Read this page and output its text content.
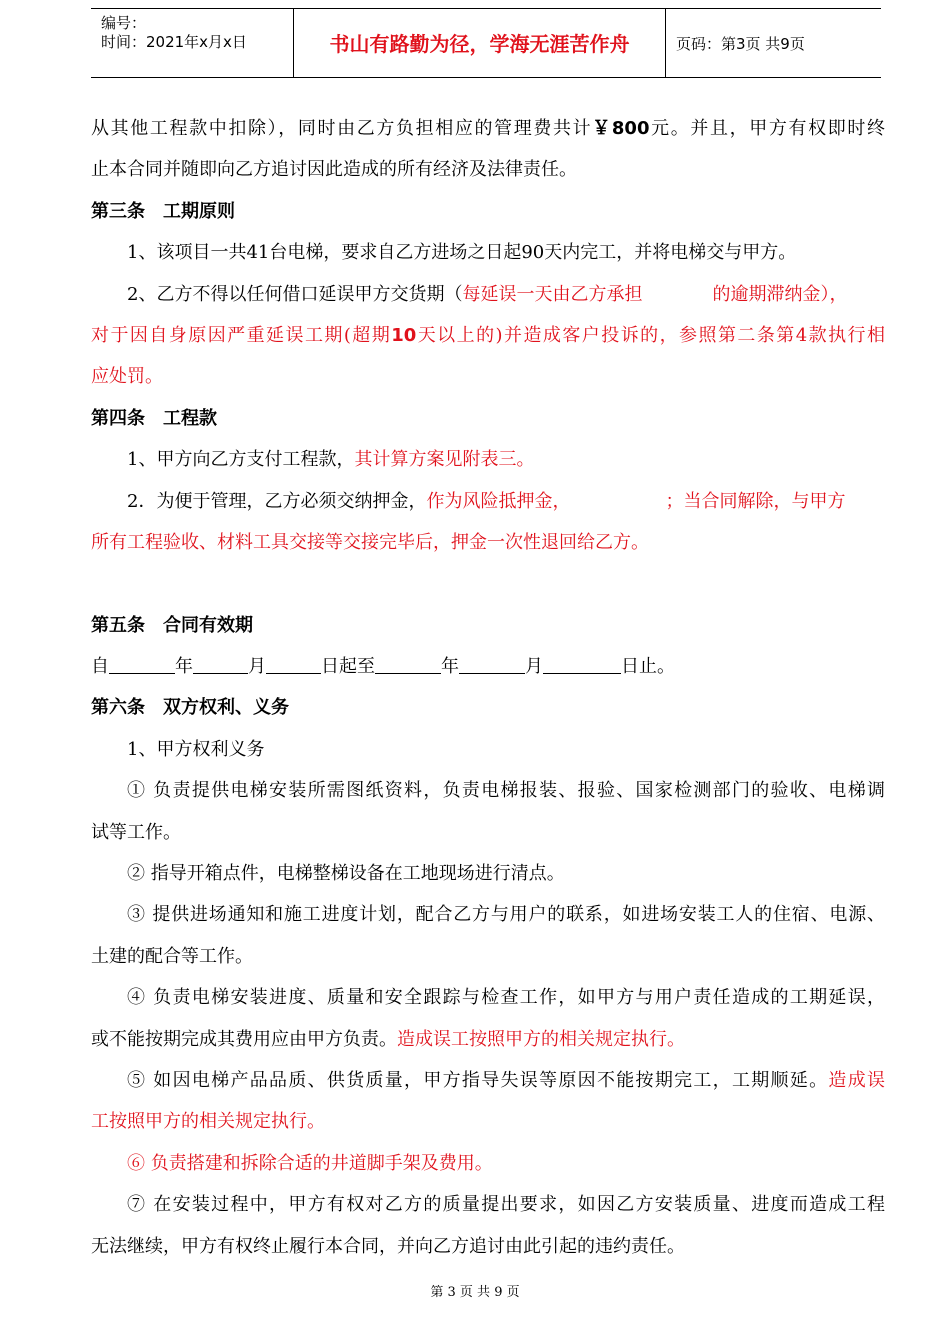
编号：
时间：2021年x月x日	书山有路勤为径，学海无涯苦作舟	页码：第3页 共9页
从其他工程款中扣除），同时由乙方负担相应的管理费共计￥800元。并且，甲方有权即时终
止本合同并随即向乙方追讨因此造成的所有经济及法律责任。
第三条　工期原则
1、该项目一共41台电梯，要求自乙方进场之日起90天内完工，并将电梯交与甲方。
2、乙方不得以任何借口延误甲方交货期（每延误一天由乙方承担	的逾期滞纳金），
对于因自身原因严重延误工期(超期10天以上的)并造成客户投诉的，参照第二条第4款执行相
应处罚。
第四条　工程款
1、甲方向乙方支付工程款，其计算方案见附表三。
2．为便于管理，乙方必须交纳押金，作为风险抵押金，	；当合同解除，与甲方
所有工程验收、材料工具交接等交接完毕后，押金一次性退回给乙方。
第五条　合同有效期
自	年	月	日起至	年	月	日止。
第六条　双方权利、义务
1、甲方权利义务
① 负责提供电梯安装所需图纸资料，负责电梯报装、报验、国家检测部门的验收、电梯调
试等工作。
② 指导开箱点件，电梯整梯设备在工地现场进行清点。
③ 提供进场通知和施工进度计划，配合乙方与用户的联系，如进场安装工人的住宿、电源、
土建的配合等工作。
④ 负责电梯安装进度、质量和安全跟踪与检查工作，如甲方与用户责任造成的工期延误，
或不能按期完成其费用应由甲方负责。造成误工按照甲方的相关规定执行。
⑤ 如因电梯产品品质、供货质量，甲方指导失误等原因不能按期完工，工期顺延。造成误
工按照甲方的相关规定执行。
⑥ 负责搭建和拆除合适的井道脚手架及费用。
⑦ 在安装过程中，甲方有权对乙方的质量提出要求，如因乙方安装质量、进度而造成工程
无法继续，甲方有权终止履行本合同，并向乙方追讨由此引起的违约责任。
第 3 页 共 9 页
